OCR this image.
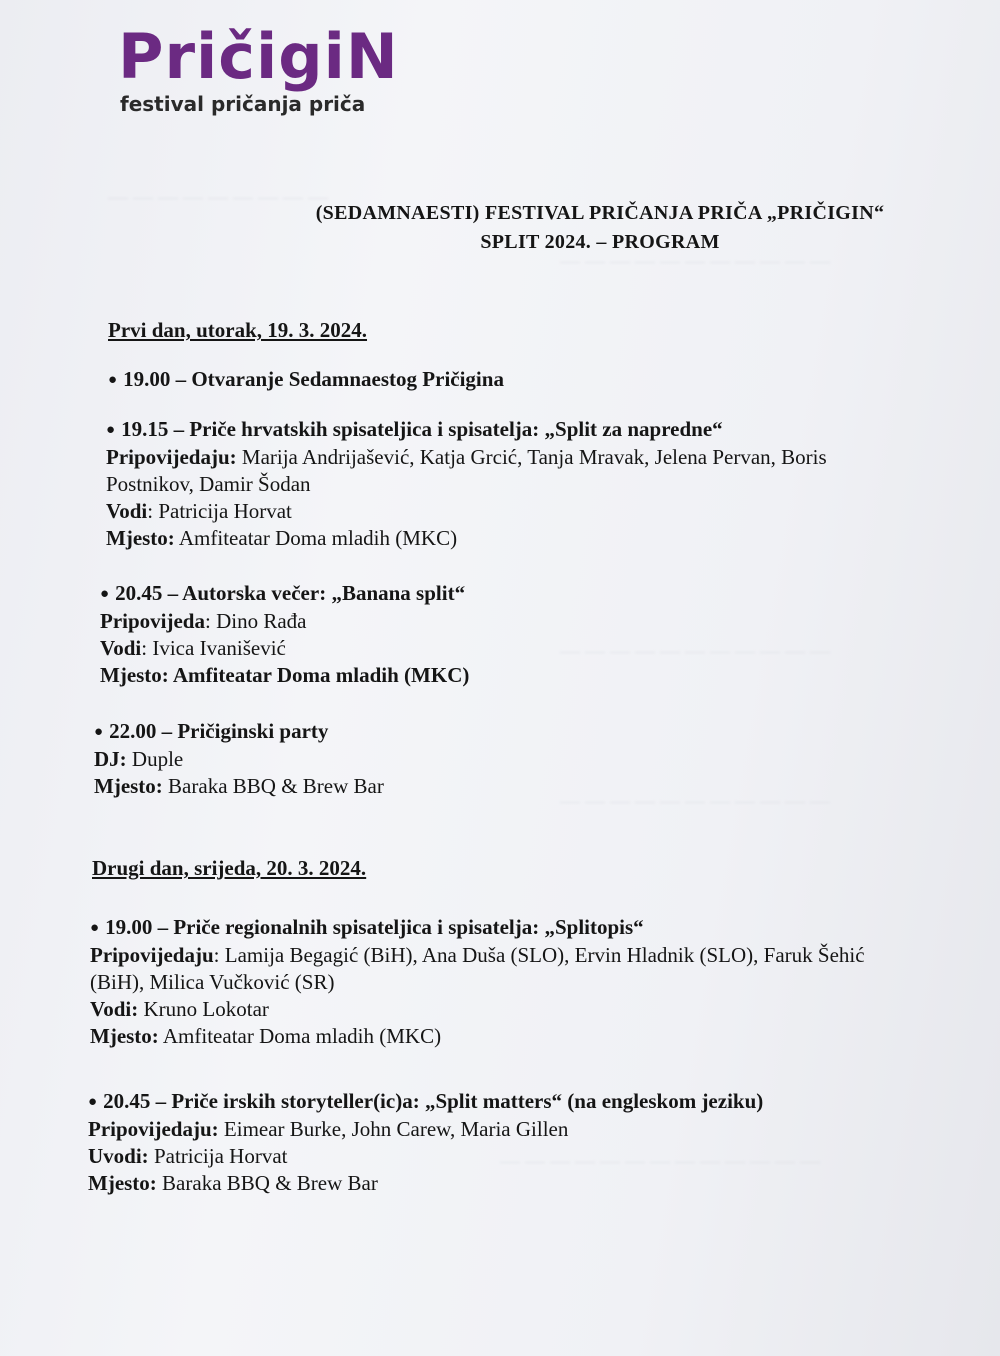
— — — — — — — — —
— — — — — — — — — — —
— — — — — — — — — — —
— — — — — — — — — — —
— — — — — — — — — — — — —
PričigiN
festival pričanja priča
(SEDAMNAESTI) FESTIVAL PRIČANJA PRIČA „PRIČIGIN“
SPLIT 2024. – PROGRAM
Prvi dan, utorak, 19. 3. 2024.
● 19.00 – Otvaranje Sedamnaestog Pričigina
● 19.15 – Priče hrvatskih spisateljica i spisatelja: „Split za napredne“
Pripovijedaju: Marija Andrijašević, Katja Grcić, Tanja Mravak, Jelena Pervan, Boris
Postnikov, Damir Šodan
Vodi: Patricija Horvat
Mjesto: Amfiteatar Doma mladih (MKC)
● 20.45 – Autorska večer: „Banana split“
Pripovijeda: Dino Rađa
Vodi: Ivica Ivanišević
Mjesto: Amfiteatar Doma mladih (MKC)
● 22.00 – Pričiginski party
DJ: Duple
Mjesto: Baraka BBQ & Brew Bar
Drugi dan, srijeda, 20. 3. 2024.
● 19.00 – Priče regionalnih spisateljica i spisatelja: „Splitopis“
Pripovijedaju: Lamija Begagić (BiH), Ana Duša (SLO), Ervin Hladnik (SLO), Faruk Šehić
(BiH), Milica Vučković (SR)
Vodi: Kruno Lokotar
Mjesto: Amfiteatar Doma mladih (MKC)
● 20.45 – Priče irskih storyteller(ic)a: „Split matters“ (na engleskom jeziku)
Pripovijedaju: Eimear Burke, John Carew, Maria Gillen
Uvodi: Patricija Horvat
Mjesto: Baraka BBQ & Brew Bar
